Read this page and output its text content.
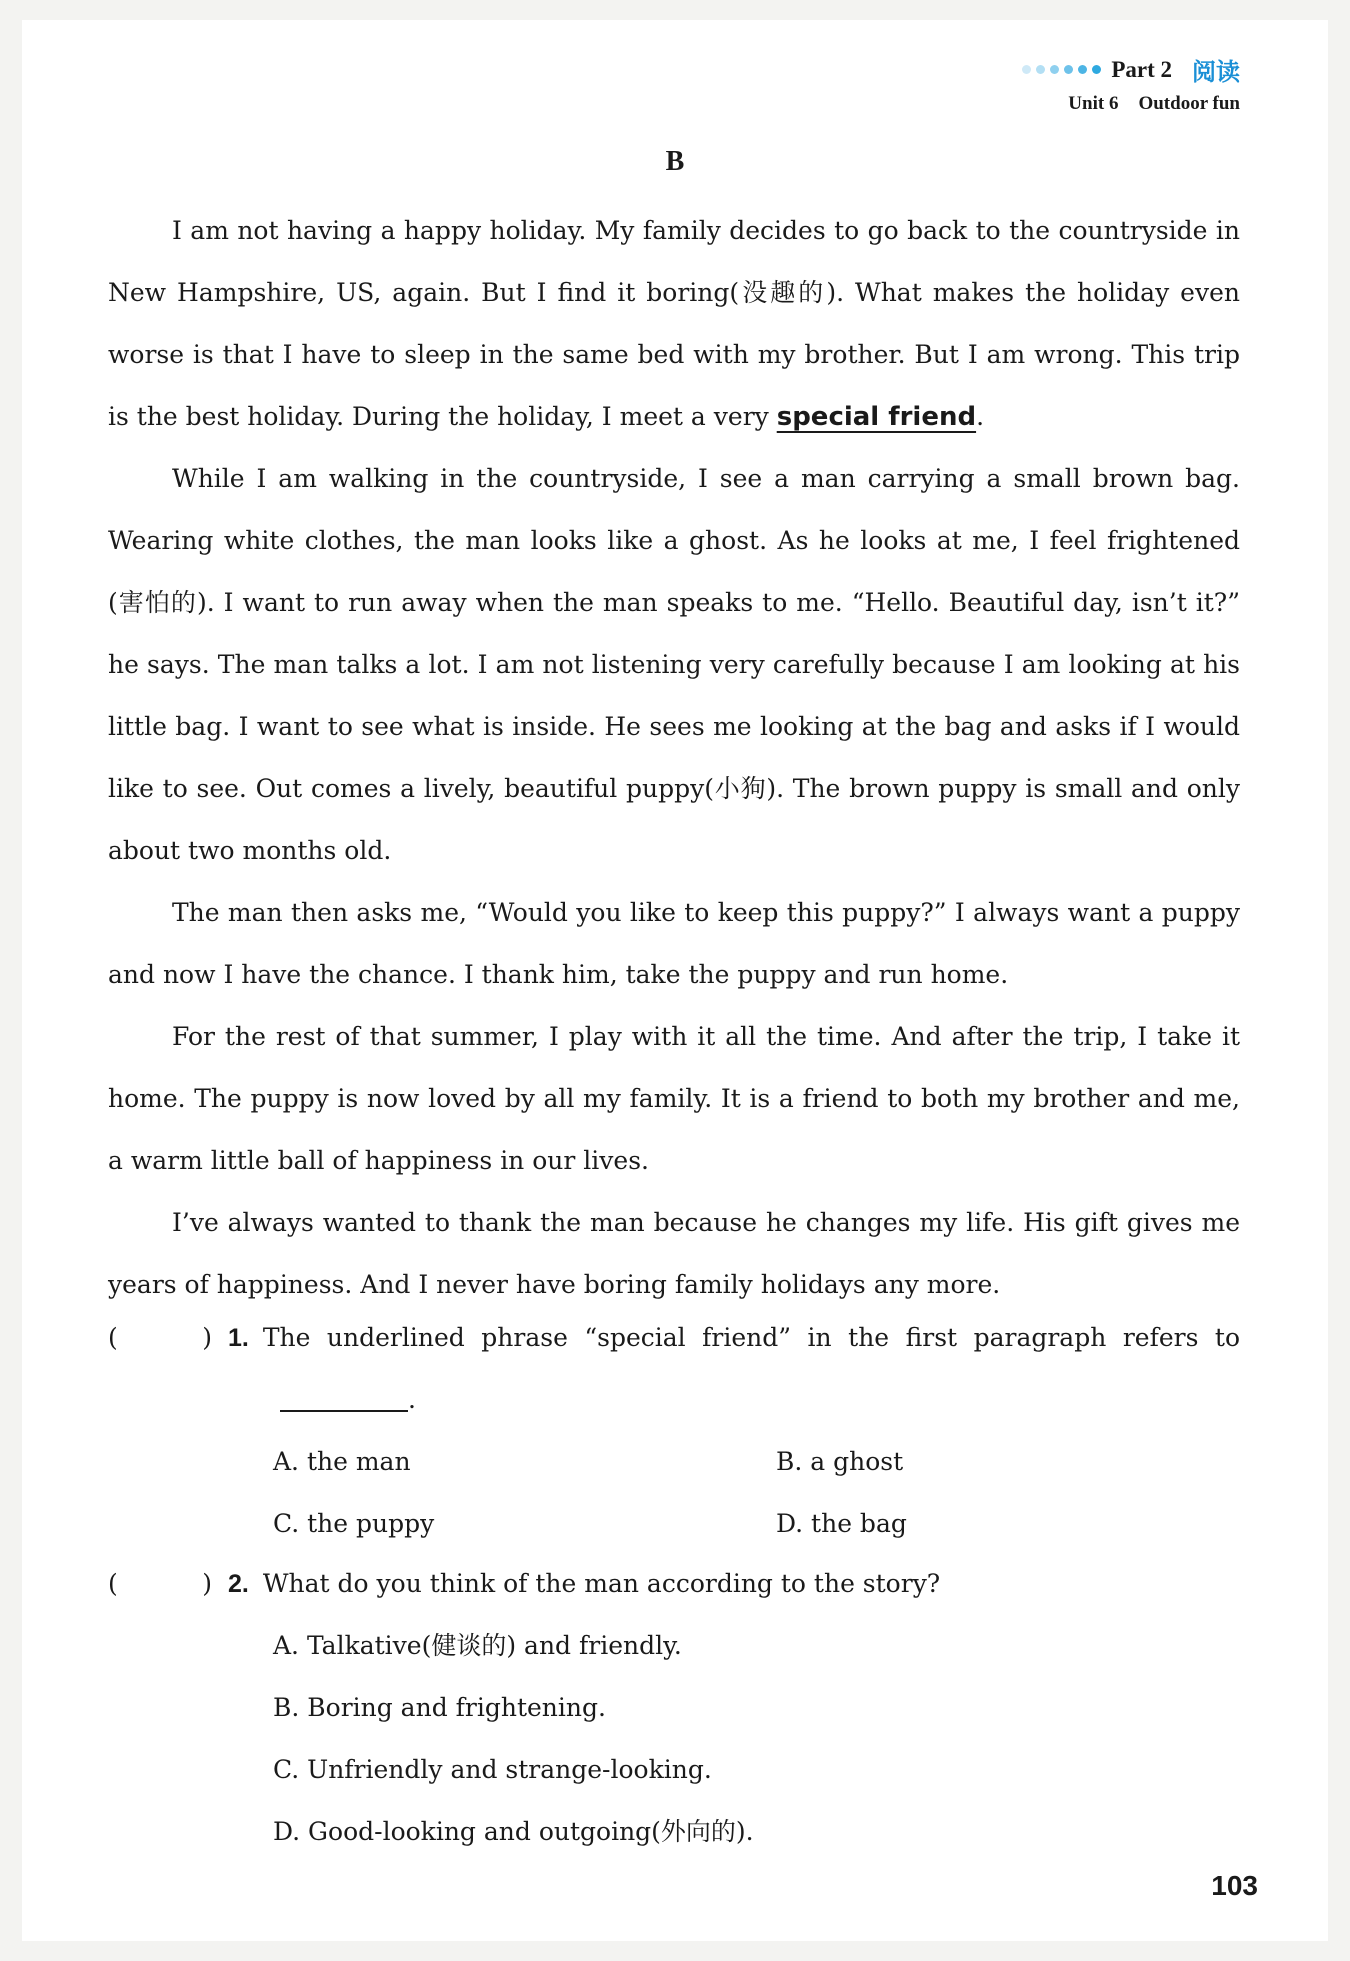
Part 2 阅读
Unit 6 Outdoor fun
B

I am not having a happy holiday. My family decides to go back to the countryside in New Hampshire, US, again. But I find it boring(没趣的). What makes the holiday even worse is that I have to sleep in the same bed with my brother. But I am wrong. This trip is the best holiday. During the holiday, I meet a very special friend.

While I am walking in the countryside, I see a man carrying a small brown bag. Wearing white clothes, the man looks like a ghost. As he looks at me, I feel frightened (害怕的). I want to run away when the man speaks to me. “Hello. Beautiful day, isn’t it?” he says. The man talks a lot. I am not listening very carefully because I am looking at his little bag. I want to see what is inside. He sees me looking at the bag and asks if I would like to see. Out comes a lively, beautiful puppy(小狗). The brown puppy is small and only about two months old.

The man then asks me, “Would you like to keep this puppy?” I always want a puppy and now I have the chance. I thank him, take the puppy and run home.

For the rest of that summer, I play with it all the time. And after the trip, I take it home. The puppy is now loved by all my family. It is a friend to both my brother and me, a warm little ball of happiness in our lives.

I’ve always wanted to thank the man because he changes my life. His gift gives me years of happiness. And I never have boring family holidays any more.

(	) 1. The underlined phrase “special friend” in the first paragraph refers to
.
A. the man	B. a ghost
C. the puppy	D. the bag
(	) 2. What do you think of the man according to the story?
A. Talkative(健谈的) and friendly.
B. Boring and frightening.
C. Unfriendly and strange-looking.
D. Good-looking and outgoing(外向的).
103
